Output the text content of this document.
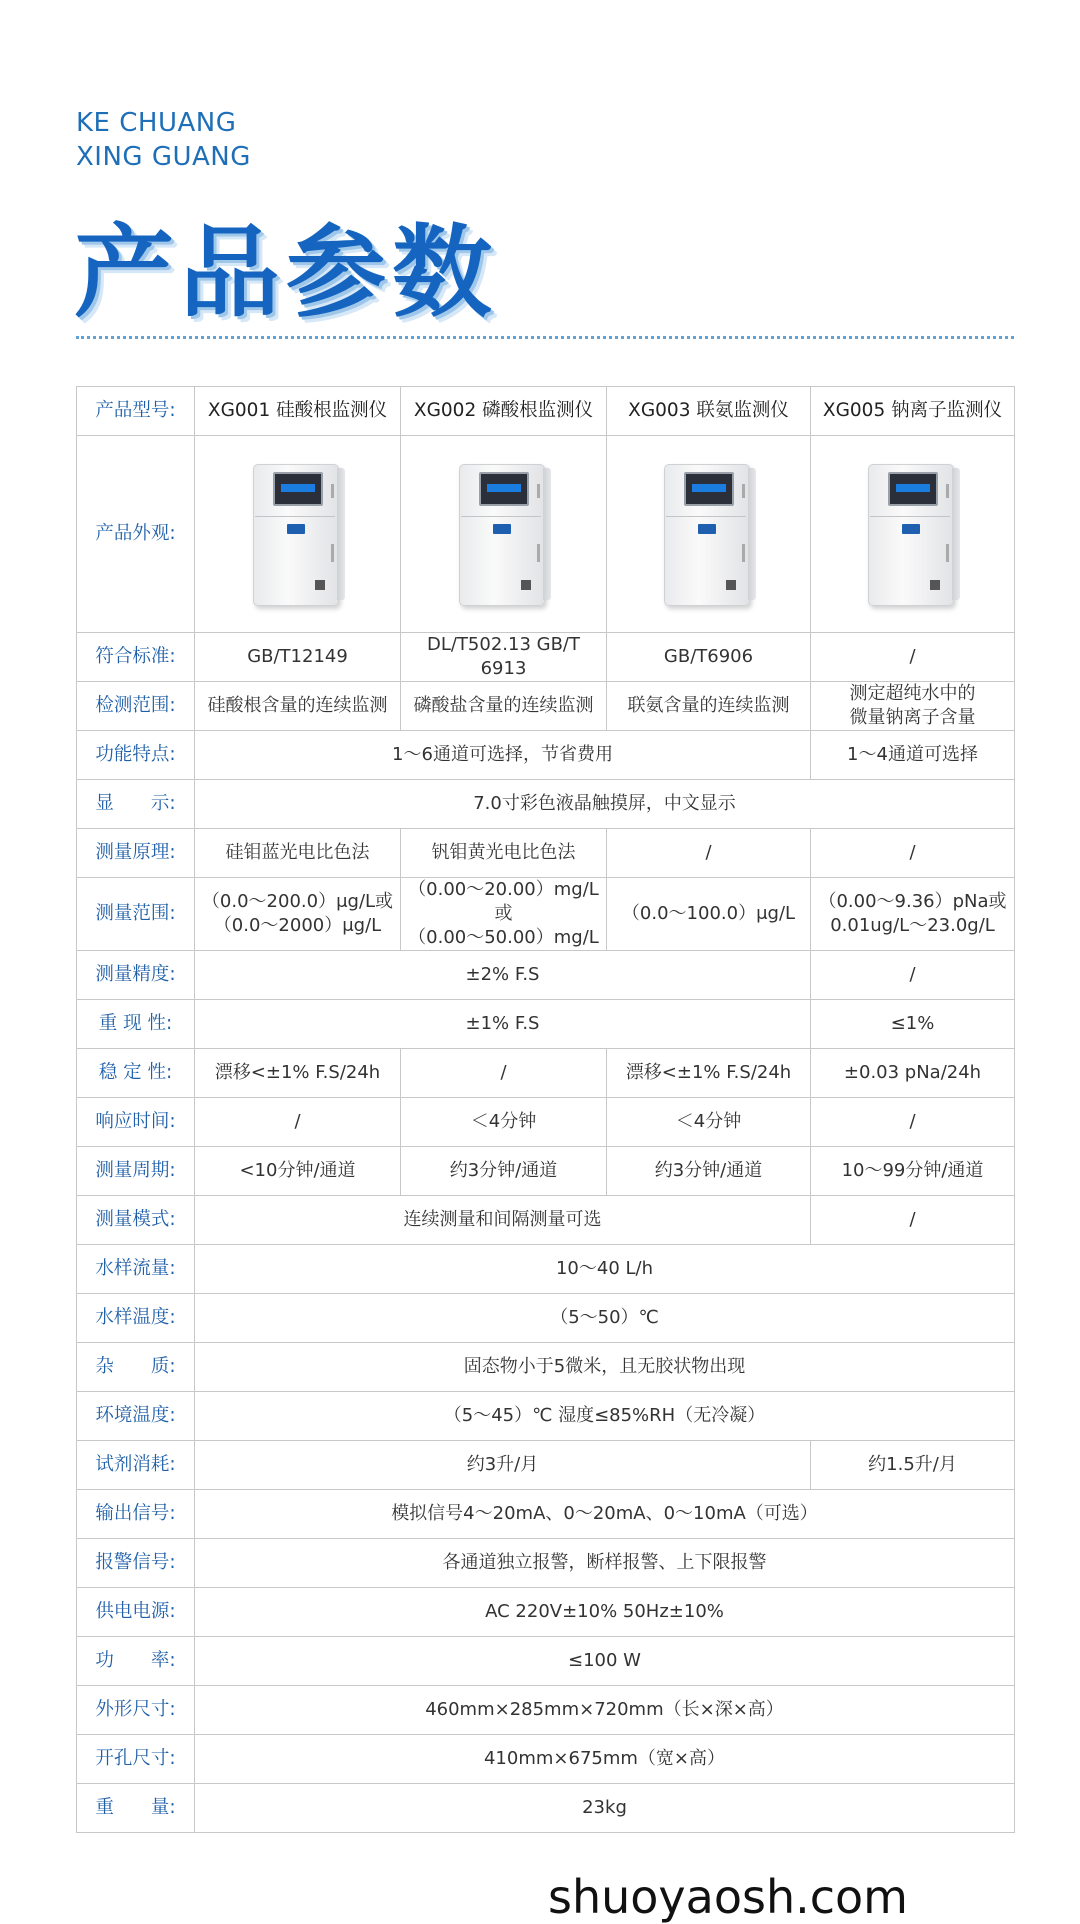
KE CHUANG
XING GUANG
产品参数
产品型号:	XG001 硅酸根监测仪	XG002 磷酸根监测仪	XG003 联氨监测仪	XG005 钠离子监测仪
产品外观:	

符合标准:	GB/T12149	DL/T502.13 GB/T 6913	GB/T6906	/
检测范围:	硅酸根含量的连续监测	磷酸盐含量的连续监测	联氨含量的连续监测	测定超纯水中的
微量钠离子含量
功能特点:	1～6通道可选择，节省费用			1～4通道可选择
显　　示:	7.0寸彩色液晶触摸屏，中文显示			
测量原理:	硅钼蓝光电比色法	钒钼黄光电比色法	/	/
测量范围:	（0.0～200.0）μg/L或
（0.0～2000）μg/L	（0.00～20.00）mg/L或
（0.00～50.00）mg/L	（0.0～100.0）μg/L	（0.00～9.36）pNa或
0.01ug/L～23.0g/L
测量精度:	±2% F.S			/
重 现 性:	±1% F.S			≤1%
稳 定 性:	漂移<±1% F.S/24h	/	漂移<±1% F.S/24h	±0.03 pNa/24h
响应时间:	/	＜4分钟	＜4分钟	/
测量周期:	<10分钟/通道	约3分钟/通道	约3分钟/通道	10～99分钟/通道
测量模式:	连续测量和间隔测量可选			/
水样流量:	10～40 L/h			
水样温度:	（5～50）℃			
杂　　质:	固态物小于5微米，且无胶状物出现			
环境温度:	（5～45）℃ 湿度≤85%RH（无冷凝）			
试剂消耗:	约3升/月			约1.5升/月
输出信号:	模拟信号4～20mA、0～20mA、0～10mA（可选）			
报警信号:	各通道独立报警，断样报警、上下限报警			
供电电源:	AC 220V±10% 50Hz±10%			
功　　率:	≤100 W			
外形尺寸:	460mm×285mm×720mm（长×深×高）			
开孔尺寸:	410mm×675mm（宽×高）			
重　　量:	23kg			
shuoyaosh.com
